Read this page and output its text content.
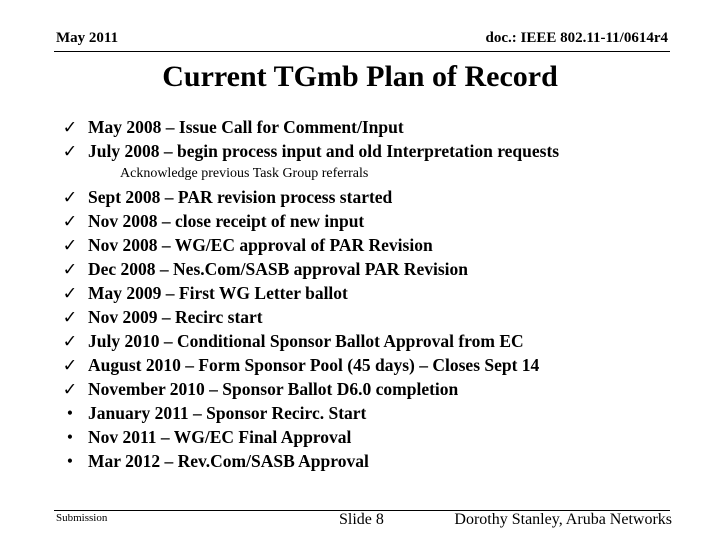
May 2011	doc.: IEEE 802.11-11/0614r4
Current TGmb Plan of Record
✓ May 2008 – Issue Call for Comment/Input
✓ July 2008 – begin process input and old Interpretation requests
Acknowledge previous Task Group referrals
✓ Sept 2008 – PAR revision process started
✓ Nov 2008 – close receipt of new input
✓ Nov 2008 – WG/EC approval of PAR Revision
✓ Dec 2008 – Nes.Com/SASB approval PAR Revision
✓ May 2009 – First WG Letter ballot
✓ Nov 2009 – Recirc start
✓ July 2010 – Conditional Sponsor Ballot Approval from EC
✓ August 2010 – Form Sponsor Pool (45 days) – Closes Sept 14
✓ November 2010 – Sponsor Ballot D6.0 completion
• January 2011 – Sponsor Recirc. Start
• Nov 2011 – WG/EC Final Approval
• Mar 2012 – Rev.Com/SASB Approval
Submission	Slide 8	Dorothy Stanley, Aruba Networks
